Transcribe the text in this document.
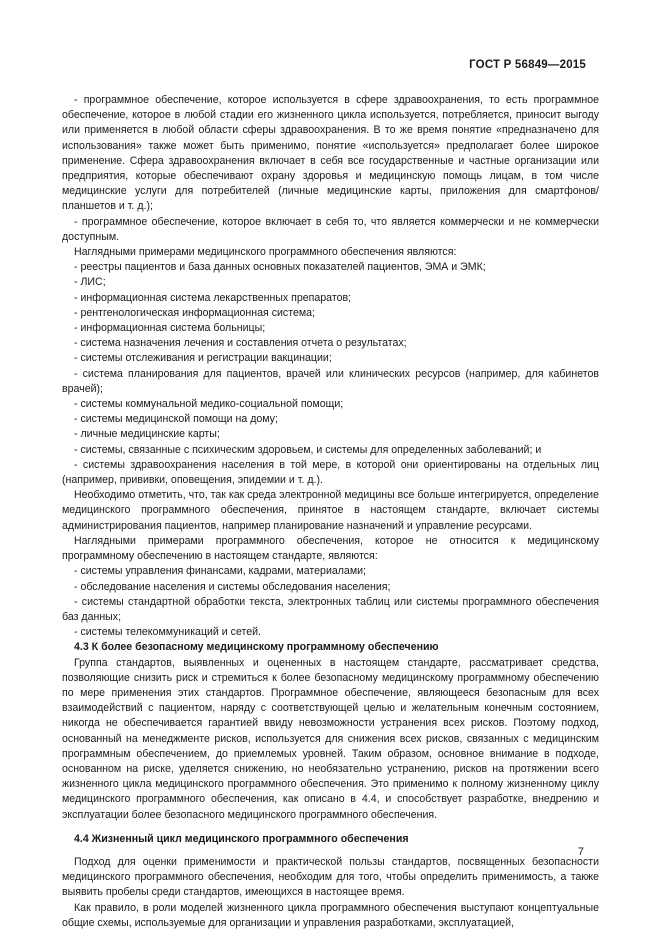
ГОСТ Р 56849—2015

- программное обеспечение, которое используется в сфере здравоохранения, то есть программное обеспечение, которое в любой стадии его жизненного цикла используется, потребляется, приносит выгоду или применяется в любой области сферы здравоохранения. В то же время понятие «предназначено для использования» также может быть применимо, понятие «используется» предполагает более широкое применение. Сфера здравоохранения включает в себя все государственные и частные организации или предприятия, которые обеспечивают охрану здоровья и медицинскую помощь лицам, в том числе медицинские услуги для потребителей (личные медицинские карты, приложения для смартфонов/планшетов и т. д.);

- программное обеспечение, которое включает в себя то, что является коммерчески и не коммерчески доступным.

Наглядными примерами медицинского программного обеспечения являются:

- реестры пациентов и база данных основных показателей пациентов, ЭМА и ЭМК;

- ЛИС;

- информационная система лекарственных препаратов;

- рентгенологическая информационная система;

- информационная система больницы;

- система назначения лечения и составления отчета о результатах;

- системы отслеживания и регистрации вакцинации;

- система планирования для пациентов, врачей или клинических ресурсов (например, для кабинетов врачей);

- системы коммунальной медико-социальной помощи;

- системы медицинской помощи на дому;

- личные медицинские карты;

- системы, связанные с психическим здоровьем, и системы для определенных заболеваний; и

- системы здравоохранения населения в той мере, в которой они ориентированы на отдельных лиц (например, прививки, оповещения, эпидемии и т. д.).

Необходимо отметить, что, так как среда электронной медицины все больше интегрируется, определение медицинского программного обеспечения, принятое в настоящем стандарте, включает системы администрирования пациентов, например планирование назначений и управление ресурсами.

Наглядными примерами программного обеспечения, которое не относится к медицинскому программному обеспечению в настоящем стандарте, являются:

- системы управления финансами, кадрами, материалами;

- обследование населения и системы обследования населения;

- системы стандартной обработки текста, электронных таблиц или системы программного обеспечения баз данных;

- системы телекоммуникаций и сетей.

4.3 К более безопасному медицинскому программному обеспечению

Группа стандартов, выявленных и оцененных в настоящем стандарте, рассматривает средства, позволяющие снизить риск и стремиться к более безопасному медицинскому программному обеспечению по мере применения этих стандартов. Программное обеспечение, являющееся безопасным для всех взаимодействий с пациентом, наряду с соответствующей целью и желательным конечным состоянием, никогда не обеспечивается гарантией ввиду невозможности устранения всех рисков. Поэтому подход, основанный на менеджменте рисков, используется для снижения всех рисков, связанных с медицинским программным обеспечением, до приемлемых уровней. Таким образом, основное внимание в подходе, основанном на риске, уделяется снижению, но необязательно устранению, рисков на протяжении всего жизненного цикла медицинского программного обеспечения. Это применимо к полному жизненному циклу медицинского программного обеспечения, как описано в 4.4, и способствует разработке, внедрению и эксплуатации более безопасного медицинского программного обеспечения.

4.4 Жизненный цикл медицинского программного обеспечения

Подход для оценки применимости и практической пользы стандартов, посвященных безопасности медицинского программного обеспечения, необходим для того, чтобы определить применимость, а также выявить пробелы среди стандартов, имеющихся в настоящее время.

Как правило, в роли моделей жизненного цикла программного обеспечения выступают концептуальные общие схемы, используемые для организации и управления разработками, эксплуатацией,

7
